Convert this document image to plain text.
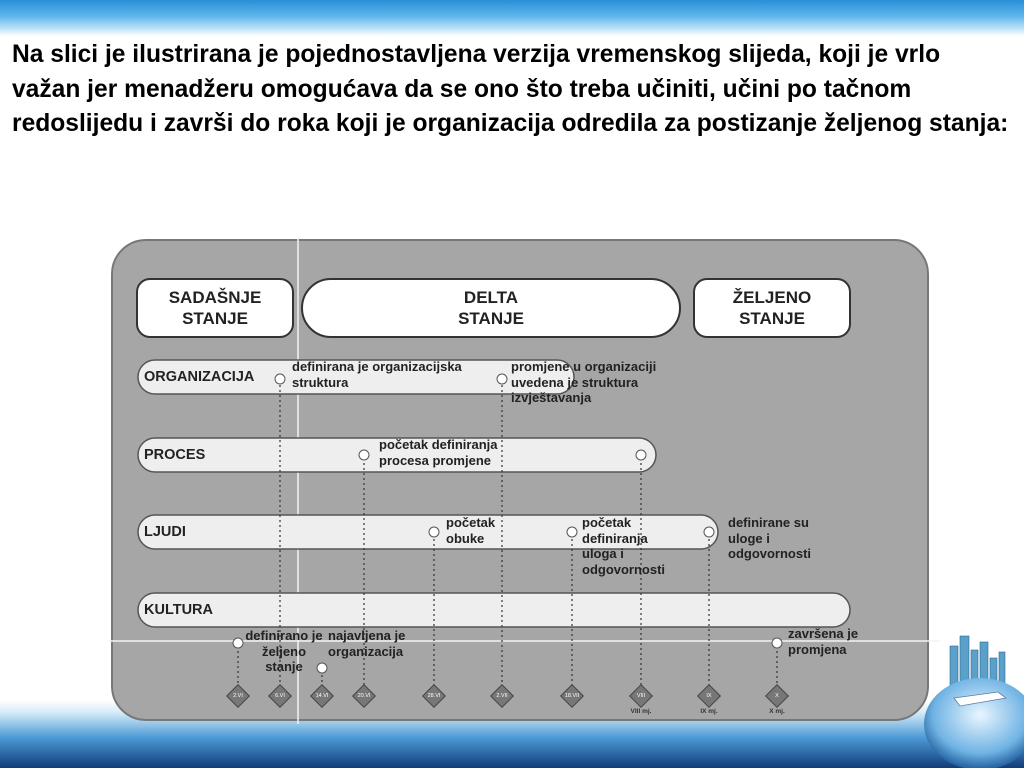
Na slici je ilustrirana je pojednostavljena verzija vremenskog slijeda, koji je vrlo važan jer menadžeru omogućava da se ono što treba učiniti, učini po tačnom redoslijedu i završi do roka koji je organizacija odredila za postizanje željenog stanja:

SADAŠNJE
STANJE
DELTA
STANJE
ŽELJENO
STANJE
ORGANIZACIJA
PROCES
LJUDI
KULTURA
definirana je organizacijska struktura
promjene u organizaciji uvedena je struktura izvještavanja
početak definiranja procesa promjene
početak obuke
početak definiranja uloga i odgovornosti
definirane su uloge i odgovornosti
definirano je željeno stanje
najavljena je organizacija
završena je promjena
2.VI	6.VI	14.VI	20.VI	28.VI	2.VII	18.VII	VIII	IX	X
VIII mj.	IX mj.	X mj.
